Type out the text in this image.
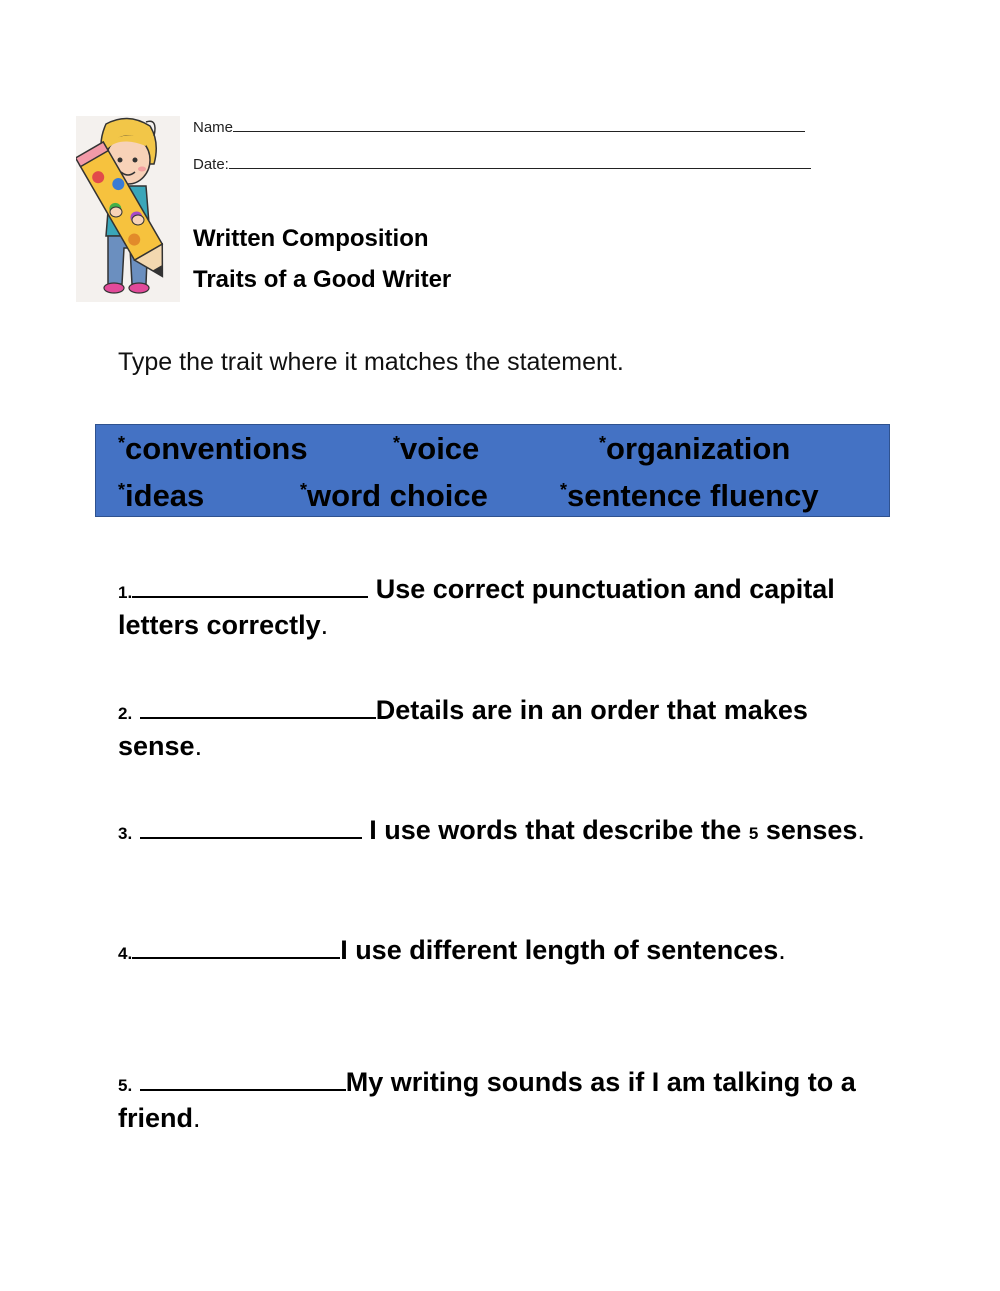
Name
Date:
Written Composition
Traits of a Good Writer
Type the trait where it matches the statement.
*conventions	*voice	*organization
*ideas	*word choice	*sentence fluency
1.	Use correct punctuation and capital letters correctly.
2.	Details are in an order that makes sense.
3.	I use words that describe the 5 senses.
4.	I use different length of sentences.
5.	My writing sounds as if I am talking to a friend.
